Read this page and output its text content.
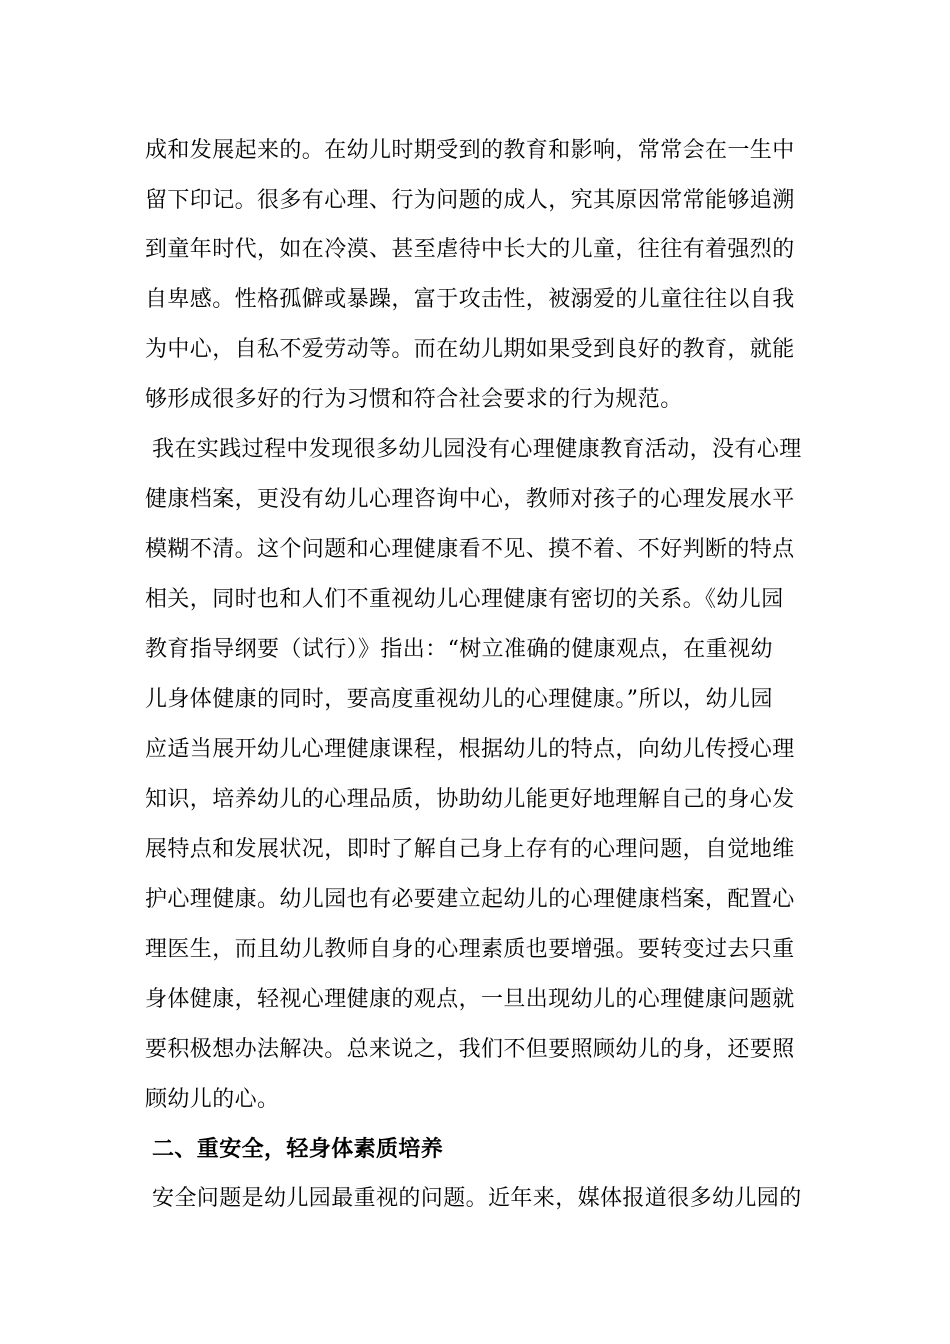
成和发展起来的。在幼儿时期受到的教育和影响，常常会在一生中
留下印记。很多有心理、行为问题的成人，究其原因常常能够追溯
到童年时代，如在冷漠、甚至虐待中长大的儿童，往往有着强烈的
自卑感。性格孤僻或暴躁，富于攻击性，被溺爱的儿童往往以自我
为中心，自私不爱劳动等。而在幼儿期如果受到良好的教育，就能
够形成很多好的行为习惯和符合社会要求的行为规范。
我在实践过程中发现很多幼儿园没有心理健康教育活动，没有心理
健康档案，更没有幼儿心理咨询中心，教师对孩子的心理发展水平
模糊不清。这个问题和心理健康看不见、摸不着、不好判断的特点
相关，同时也和人们不重视幼儿心理健康有密切的关系。《幼儿园
教育指导纲要（试行）》指出：“树立准确的健康观点，在重视幼
儿身体健康的同时，要高度重视幼儿的心理健康。”所以，幼儿园
应适当展开幼儿心理健康课程，根据幼儿的特点，向幼儿传授心理
知识，培养幼儿的心理品质，协助幼儿能更好地理解自己的身心发
展特点和发展状况，即时了解自己身上存有的心理问题，自觉地维
护心理健康。幼儿园也有必要建立起幼儿的心理健康档案，配置心
理医生，而且幼儿教师自身的心理素质也要增强。要转变过去只重
身体健康，轻视心理健康的观点，一旦出现幼儿的心理健康问题就
要积极想办法解决。总来说之，我们不但要照顾幼儿的身，还要照
顾幼儿的心。
二、重安全，轻身体素质培养
安全问题是幼儿园最重视的问题。近年来，媒体报道很多幼儿园的
